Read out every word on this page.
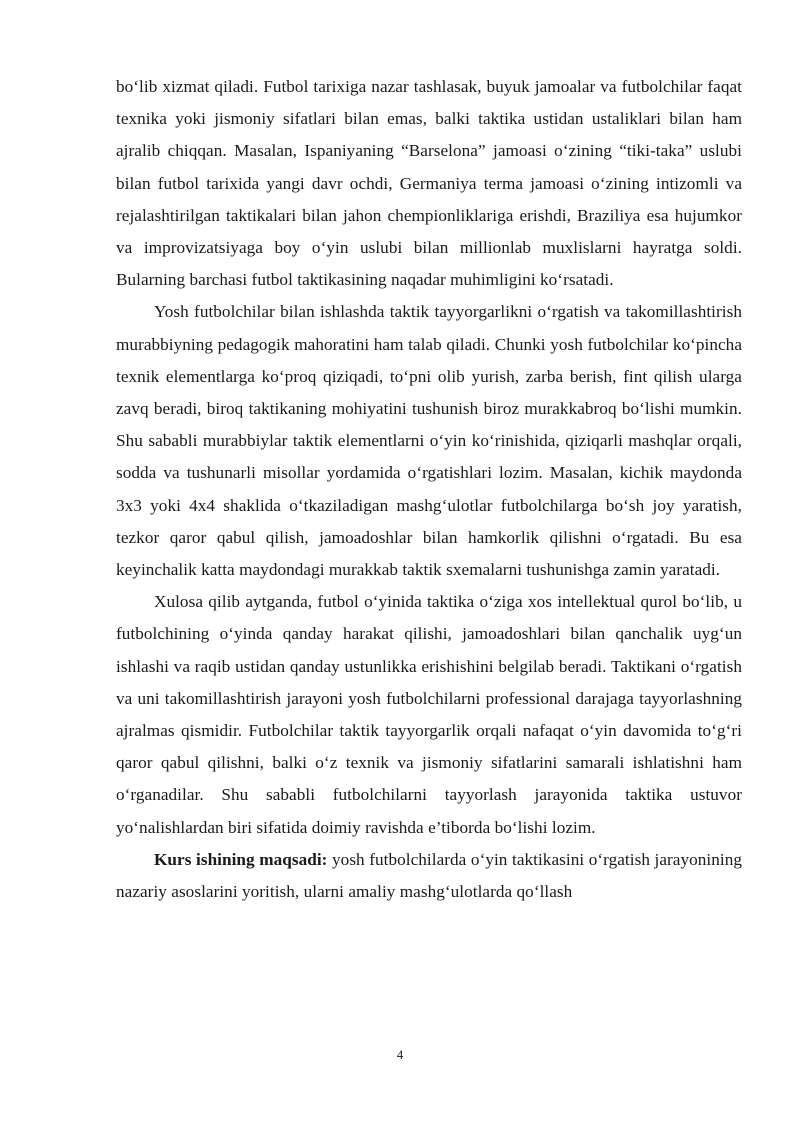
bo‘lib xizmat qiladi. Futbol tarixiga nazar tashlasak, buyuk jamoalar va futbolchilar faqat texnika yoki jismoniy sifatlari bilan emas, balki taktika ustidan ustaliklari bilan ham ajralib chiqqan. Masalan, Ispaniyaning “Barselona” jamoasi o‘zining “tiki-taka” uslubi bilan futbol tarixida yangi davr ochdi, Germaniya terma jamoasi o‘zining intizomli va rejalashtirilgan taktikalari bilan jahon chempionliklariga erishdi, Braziliya esa hujumkor va improvizatsiyaga boy o‘yin uslubi bilan millionlab muxlislarni hayratga soldi. Bularning barchasi futbol taktikasining naqadar muhimligini ko‘rsatadi.

Yosh futbolchilar bilan ishlashda taktik tayyorgarlikni o‘rgatish va takomillashtirish murabbiyning pedagogik mahoratini ham talab qiladi. Chunki yosh futbolchilar ko‘pincha texnik elementlarga ko‘proq qiziqadi, to‘pni olib yurish, zarba berish, fint qilish ularga zavq beradi, biroq taktikaning mohiyatini tushunish biroz murakkabroq bo‘lishi mumkin. Shu sababli murabbiylar taktik elementlarni o‘yin ko‘rinishida, qiziqarli mashqlar orqali, sodda va tushunarli misollar yordamida o‘rgatishlari lozim. Masalan, kichik maydonda 3x3 yoki 4x4 shaklida o‘tkaziladigan mashg‘ulotlar futbolchilarga bo‘sh joy yaratish, tezkor qaror qabul qilish, jamoadoshlar bilan hamkorlik qilishni o‘rgatadi. Bu esa keyinchalik katta maydondagi murakkab taktik sxemalarni tushunishga zamin yaratadi.

Xulosa qilib aytganda, futbol o‘yinida taktika o‘ziga xos intellektual qurol bo‘lib, u futbolchining o‘yinda qanday harakat qilishi, jamoadoshlari bilan qanchalik uyg‘un ishlashi va raqib ustidan qanday ustunlikka erishishini belgilab beradi. Taktikani o‘rgatish va uni takomillashtirish jarayoni yosh futbolchilarni professional darajaga tayyorlashning ajralmas qismidir. Futbolchilar taktik tayyorgarlik orqali nafaqat o‘yin davomida to‘g‘ri qaror qabul qilishni, balki o‘z texnik va jismoniy sifatlarini samarali ishlatishni ham o‘rganadilar. Shu sababli futbolchilarni tayyorlash jarayonida taktika ustuvor yo‘nalishlardan biri sifatida doimiy ravishda e’tiborda bo‘lishi lozim.

Kurs ishining maqsadi: yosh futbolchilarda o‘yin taktikasini o‘rgatish jarayonining nazariy asoslarini yoritish, ularni amaliy mashg‘ulotlarda qo‘llash

4
